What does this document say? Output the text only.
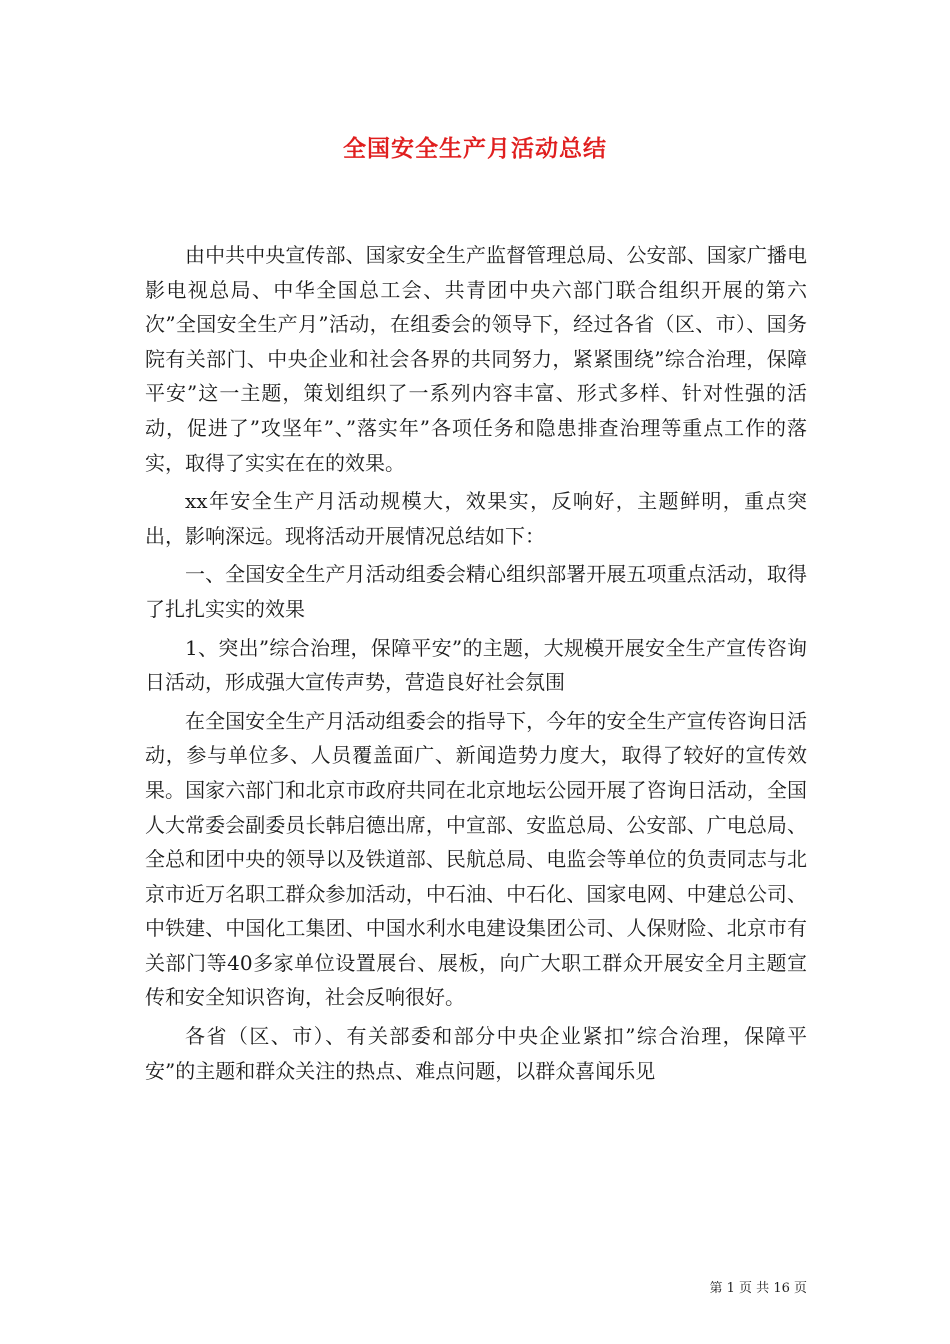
全国安全生产月活动总结

由中共中央宣传部、国家安全生产监督管理总局、公安部、国家广播电影电视总局、中华全国总工会、共青团中央六部门联合组织开展的第六次”全国安全生产月”活动，在组委会的领导下，经过各省（区、市）、国务院有关部门、中央企业和社会各界的共同努力，紧紧围绕”综合治理，保障平安”这一主题，策划组织了一系列内容丰富、形式多样、针对性强的活动，促进了”攻坚年”、”落实年”各项任务和隐患排查治理等重点工作的落实，取得了实实在在的效果。

xx年安全生产月活动规模大，效果实，反响好，主题鲜明，重点突出，影响深远。现将活动开展情况总结如下：

一、全国安全生产月活动组委会精心组织部署开展五项重点活动，取得了扎扎实实的效果

1、突出”综合治理，保障平安”的主题，大规模开展安全生产宣传咨询日活动，形成强大宣传声势，营造良好社会氛围

在全国安全生产月活动组委会的指导下，今年的安全生产宣传咨询日活动，参与单位多、人员覆盖面广、新闻造势力度大，取得了较好的宣传效果。国家六部门和北京市政府共同在北京地坛公园开展了咨询日活动，全国人大常委会副委员长韩启德出席，中宣部、安监总局、公安部、广电总局、全总和团中央的领导以及铁道部、民航总局、电监会等单位的负责同志与北京市近万名职工群众参加活动，中石油、中石化、国家电网、中建总公司、中铁建、中国化工集团、中国水利水电建设集团公司、人保财险、北京市有关部门等40多家单位设置展台、展板，向广大职工群众开展安全月主题宣传和安全知识咨询，社会反响很好。

各省（区、市）、有关部委和部分中央企业紧扣”综合治理，保障平安”的主题和群众关注的热点、难点问题，以群众喜闻乐见

第 1 页 共 16 页
